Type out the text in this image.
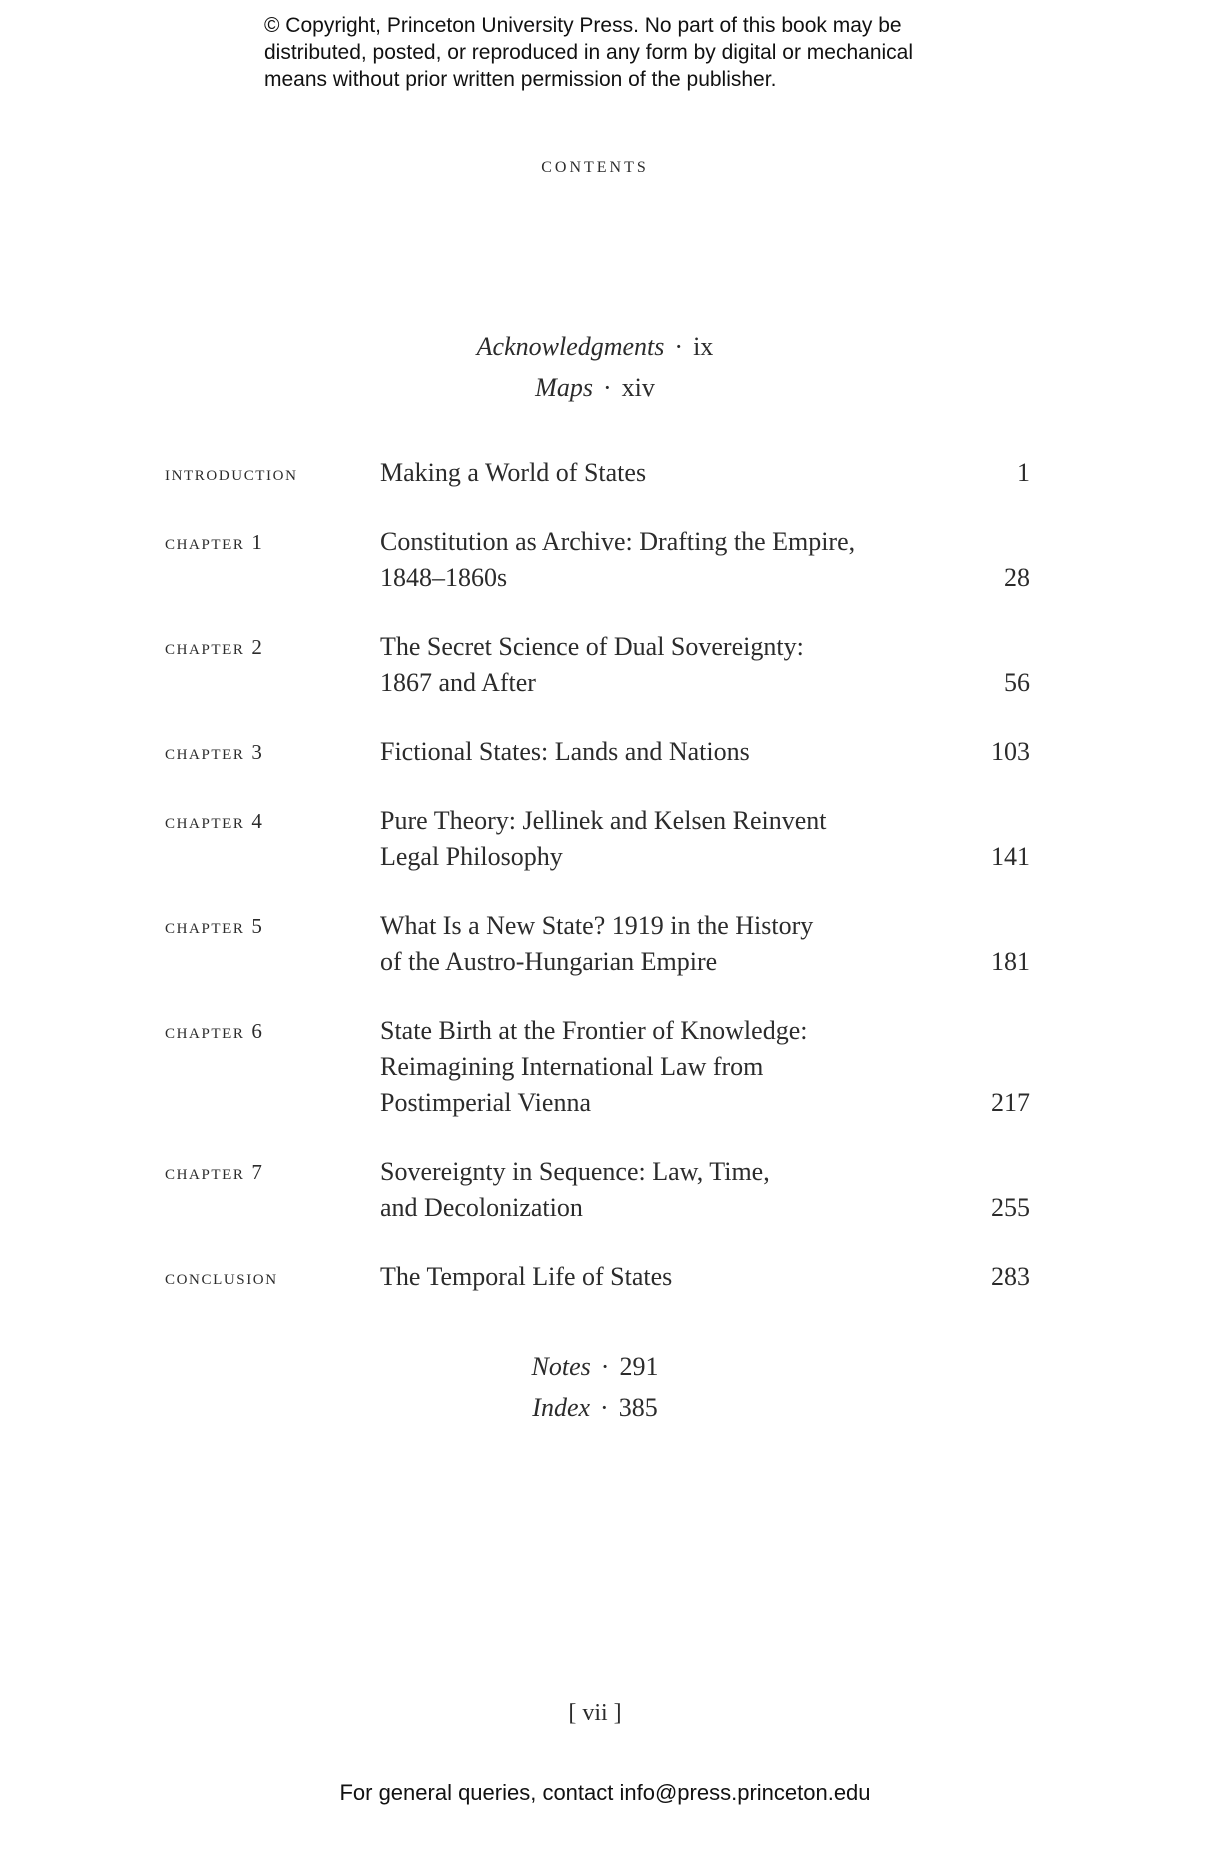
© Copyright, Princeton University Press. No part of this book may be
distributed, posted, or reproduced in any form by digital or mechanical
means without prior written permission of the publisher.
contents
Acknowledgments · ix
Maps · xiv
introduction	Making a World of States	1
chapter 1	Constitution as Archive: Drafting the Empire,
1848–1860s	28
chapter 2	The Secret Science of Dual Sovereignty:
1867 and After	56
chapter 3	Fictional States: Lands and Nations	103
chapter 4	Pure Theory: Jellinek and Kelsen Reinvent
Legal Philosophy	141
chapter 5	What Is a New State? 1919 in the History
of the Austro-Hungarian Empire	181
chapter 6	State Birth at the Frontier of Knowledge:
Reimagining International Law from
Postimperial Vienna	217
chapter 7	Sovereignty in Sequence: Law, Time,
and Decolonization	255
conclusion	The Temporal Life of States	283
Notes · 291
Index · 385
[ vii ]
For general queries, contact info@press.princeton.edu
